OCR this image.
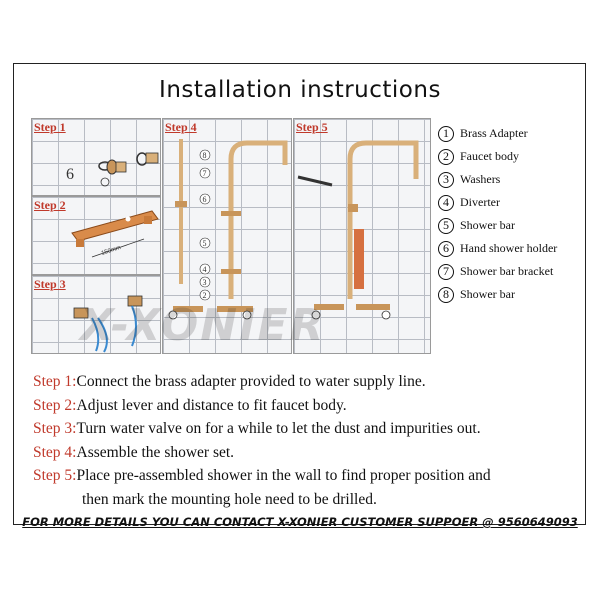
Installation instructions
Step 1
6
Step 2
150mm
Step 3
Step 4
8
7
6
5
4
3
2
Step 5	1 Brass Adapter
2 Faucet body
3 Washers
4 Diverter
5 Shower bar
6 Hand shower holder
7 Shower bar bracket
8 Shower bar
X-XONIER
Step 1:Connect the brass adapter provided to water supply line.
Step 2:Adjust lever and distance to fit faucet body.
Step 3:Turn water valve on for a while to let the dust and impurities out.
Step 4:Assemble the shower set.
Step 5:Place pre-assembled shower in the wall to find proper position and
then mark the mounting hole need to be drilled.
FOR MORE DETAILS YOU CAN CONTACT X-XONIER CUSTOMER SUPPOER @ 9560649093
